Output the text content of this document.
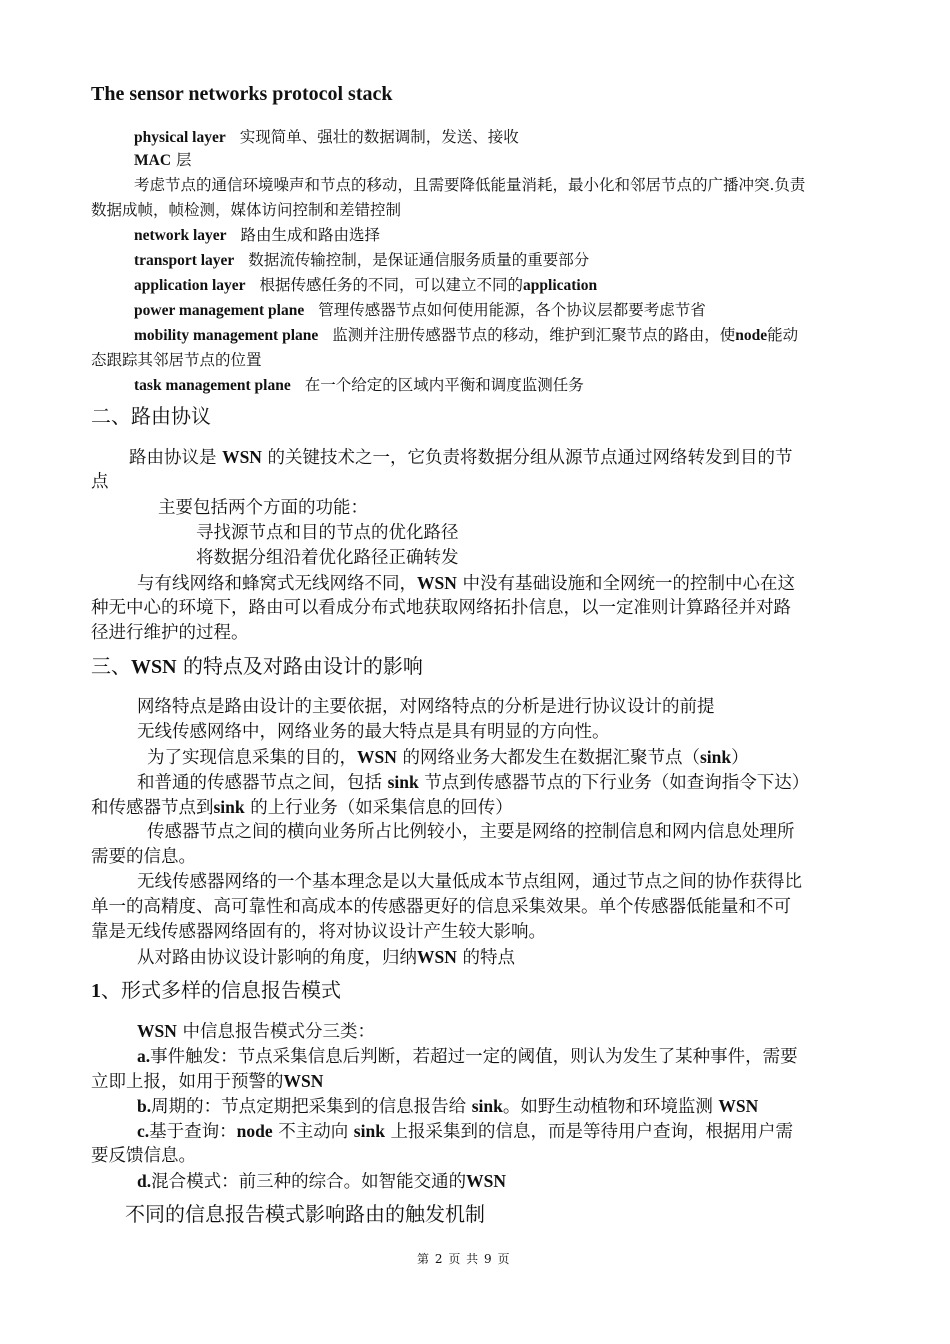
The sensor networks protocol stack
physical layer 实现简单、强壮的数据调制，发送、接收
MAC 层
考虑节点的通信环境噪声和节点的移动，且需要降低能量消耗，最小化和邻居节点的广播冲突.负责
数据成帧，帧检测，媒体访问控制和差错控制
network layer 路由生成和路由选择
transport layer 数据流传输控制，是保证通信服务质量的重要部分
application layer 根据传感任务的不同，可以建立不同的application
power management plane 管理传感器节点如何使用能源，各个协议层都要考虑节省
mobility management plane 监测并注册传感器节点的移动，维护到汇聚节点的路由，使node能动
态跟踪其邻居节点的位置
task management plane 在一个给定的区域内平衡和调度监测任务
二、路由协议
路由协议是 WSN 的关键技术之一，它负责将数据分组从源节点通过网络转发到目的节
点
主要包括两个方面的功能：
寻找源节点和目的节点的优化路径
将数据分组沿着优化路径正确转发
与有线网络和蜂窝式无线网络不同，WSN 中没有基础设施和全网统一的控制中心在这
种无中心的环境下，路由可以看成分布式地获取网络拓扑信息，以一定准则计算路径并对路
径进行维护的过程。
三、WSN 的特点及对路由设计的影响
网络特点是路由设计的主要依据，对网络特点的分析是进行协议设计的前提
无线传感网络中，网络业务的最大特点是具有明显的方向性。
为了实现信息采集的目的，WSN 的网络业务大都发生在数据汇聚节点（sink）
和普通的传感器节点之间，包括 sink 节点到传感器节点的下行业务（如查询指令下达）
和传感器节点到sink 的上行业务（如采集信息的回传）
传感器节点之间的横向业务所占比例较小，主要是网络的控制信息和网内信息处理所
需要的信息。
无线传感器网络的一个基本理念是以大量低成本节点组网，通过节点之间的协作获得比
单一的高精度、高可靠性和高成本的传感器更好的信息采集效果。单个传感器低能量和不可
靠是无线传感器网络固有的，将对协议设计产生较大影响。
从对路由协议设计影响的角度，归纳WSN 的特点
1、形式多样的信息报告模式
WSN 中信息报告模式分三类：
a.事件触发：节点采集信息后判断，若超过一定的阈值，则认为发生了某种事件，需要
立即上报，如用于预警的WSN
b.周期的：节点定期把采集到的信息报告给 sink。如野生动植物和环境监测 WSN
c.基于查询：node 不主动向 sink 上报采集到的信息，而是等待用户查询，根据用户需
要反馈信息。
d.混合模式：前三种的综合。如智能交通的WSN
不同的信息报告模式影响路由的触发机制
第 2 页 共 9 页
